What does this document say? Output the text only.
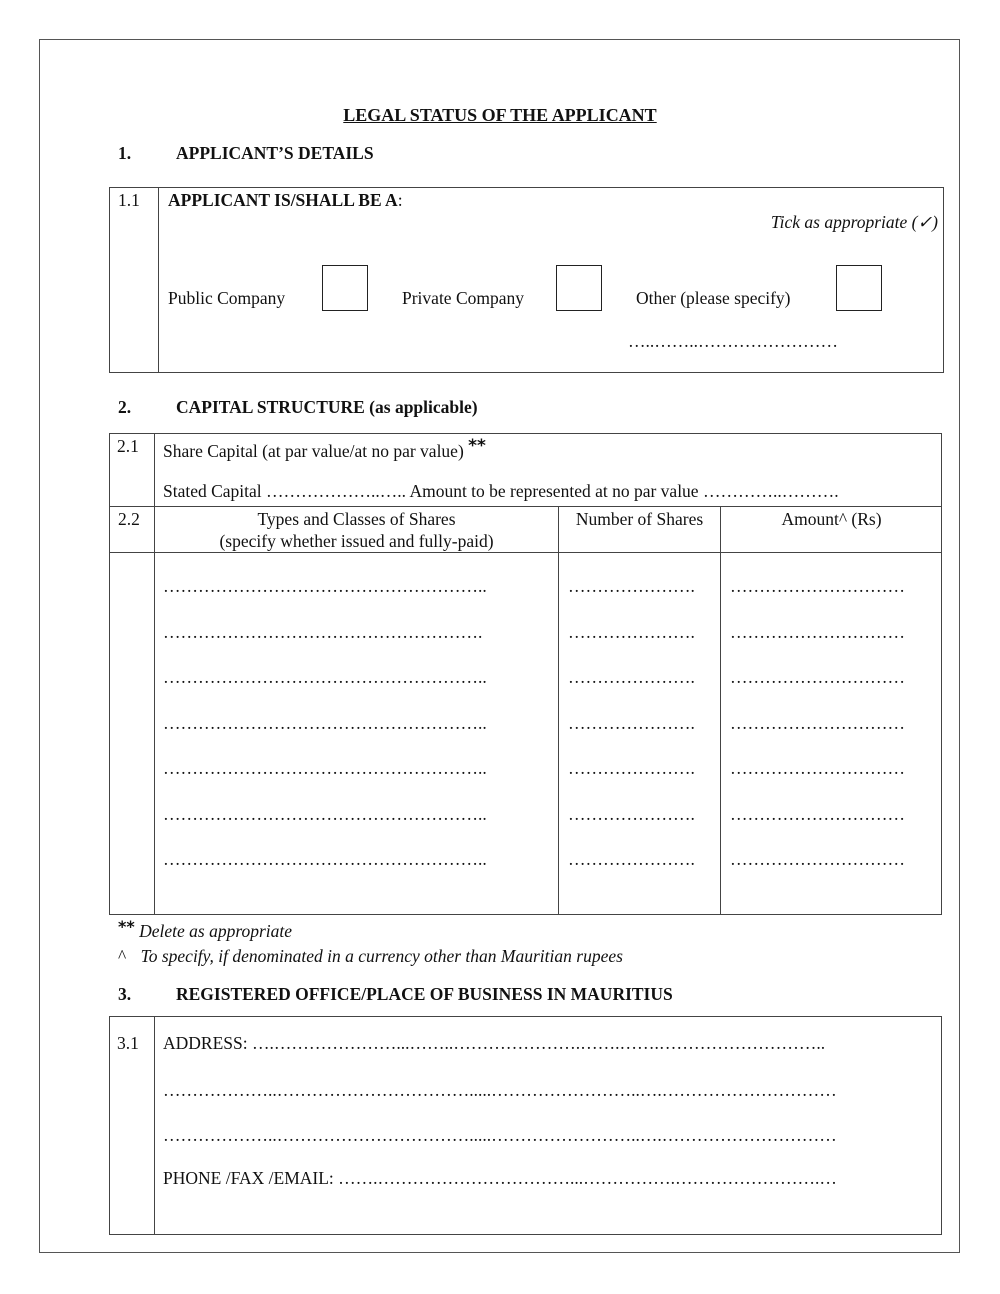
LEGAL STATUS OF THE APPLICANT
1.	APPLICANT’S DETAILS
1.1 APPLICANT IS/SHALL BE A:
Tick as appropriate (✓)
Public Company	Private Company	Other (please specify)
…..……..……………………
2.	CAPITAL STRUCTURE (as applicable)
2.1 Share Capital (at par value/at no par value) **
Stated Capital ………………..….. Amount to be represented at no par value …………..……….
2.2	Types and Classes of Shares
(specify whether issued and fully-paid)
Number of Shares	Amount^ (Rs)
………………………………………………..	…………………. …………………………
……………………………………………….	…………………. …………………………
………………………………………………..	…………………. …………………………
………………………………………………..	…………………. …………………………
………………………………………………..	…………………. …………………………
………………………………………………..	…………………. …………………………
………………………………………………..	…………………. …………………………
** Delete as appropriate
^ To specify, if denominated in a currency other than Mauritian rupees
3.	REGISTERED OFFICE/PLACE OF BUSINESS IN MAURITIUS
3.1 ADDRESS: ….…………………...……..………………….…….…….………………………..
………………..…………………………….....……………………..….…………………………
………………..…………………………….....……………………..….…………………………
PHONE /FAX /EMAIL: …….……………………………...…………….…………………….…
